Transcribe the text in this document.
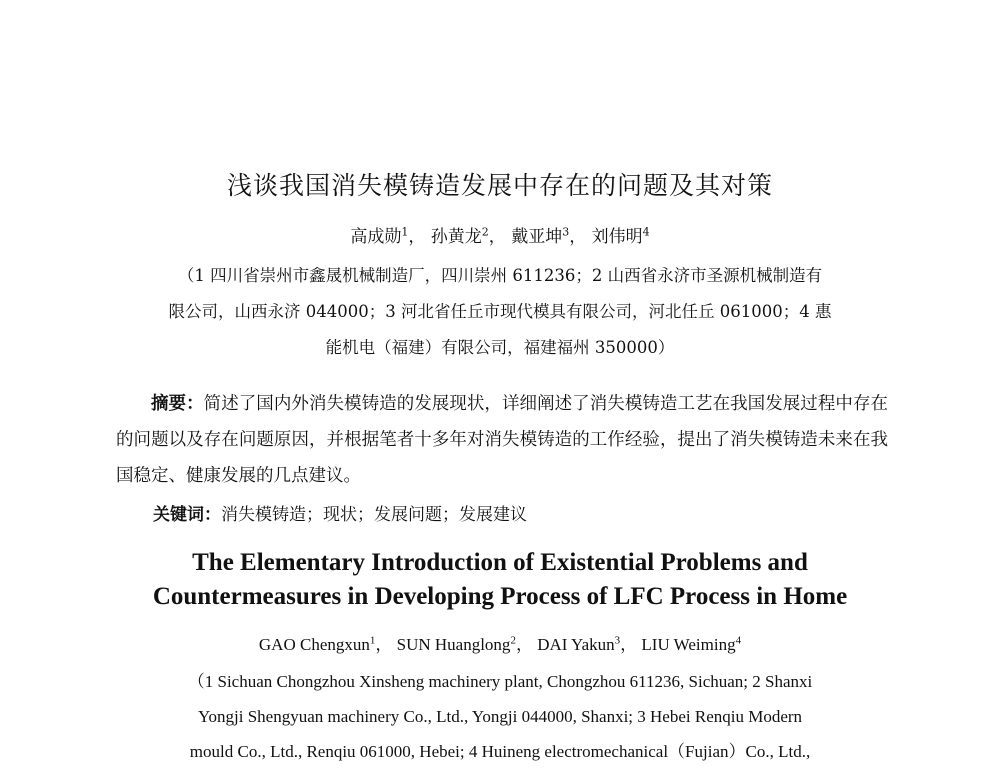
浅谈我国消失模铸造发展中存在的问题及其对策
高成勋$^1$， 孙黄龙$^2$， 戴亚坤$^3$， 刘伟明$^4$

（1 四川省崇州市鑫晟机械制造厂，四川崇州 611236；2 山西省永济市圣源机械制造有

限公司，山西永济 044000；3 河北省任丘市现代模具有限公司，河北任丘 061000；4 惠

能机电（福建）有限公司，福建福州 350000）

摘要：简述了国内外消失模铸造的发展现状，详细阐述了消失模铸造工艺在我国发展过程中存在的问题以及存在问题原因，并根据笔者十多年对消失模铸造的工作经验，提出了消失模铸造未来在我国稳定、健康发展的几点建议。

关键词：消失模铸造；现状；发展问题；发展建议
The Elementary Introduction of Existential Problems and
Countermeasures in Developing Process of LFC Process in Home
GAO Chengxun$^1$， SUN Huanglong$^2$， DAI Yakun$^3$， LIU Weiming$^4$
（1 Sichuan Chongzhou Xinsheng machinery plant, Chongzhou 611236, Sichuan; 2 Shanxi
Yongji Shengyuan machinery Co., Ltd., Yongji 044000, Shanxi; 3 Hebei Renqiu Modern
mould Co., Ltd., Renqiu 061000, Hebei; 4 Huineng electromechanical（Fujian）Co., Ltd.,
